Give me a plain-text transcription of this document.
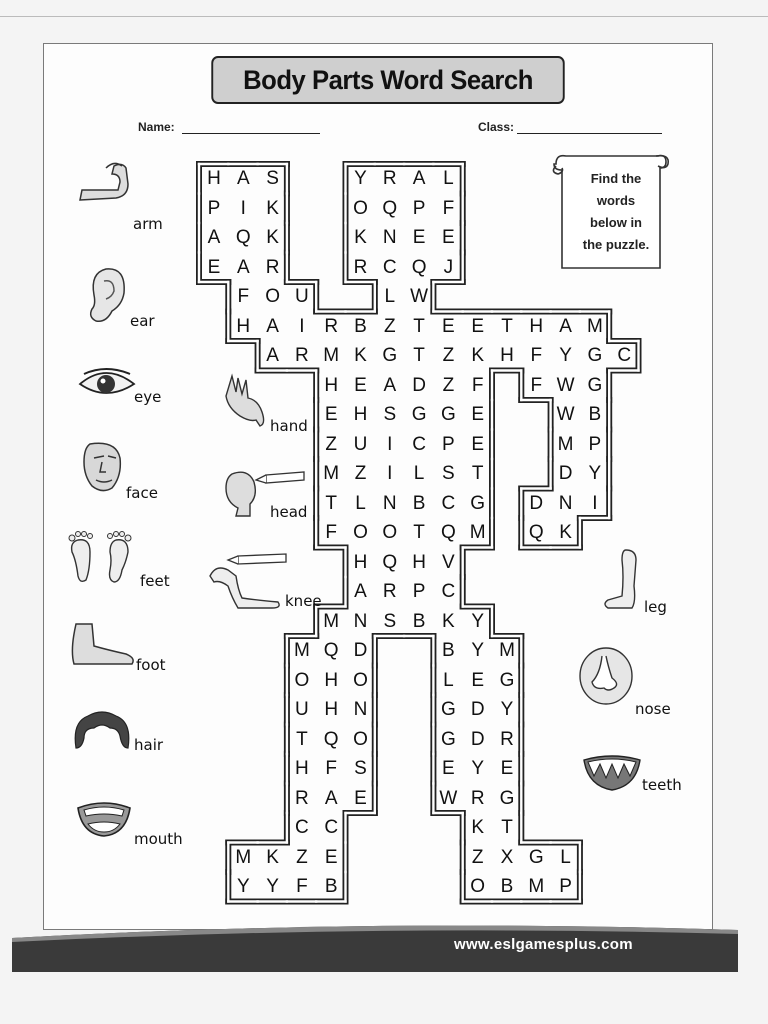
Body Parts Word Search
Name:	Class:
H A S	Y R A L
P	I	K	O Q P F
A Q K	K N E E
E A R	R C Q J
F O U	L W
H A	I	R B Z T E E T H A M
A R M K G T Z K H F Y G C
H E A D Z F	F W G
E H S G G E	W B
Z U	I	C P E	M P
M Z	I	L S T	D Y
T L N B C G	D N	I
F O O T Q M	Q K
H Q H V
A R P C
M N S B K Y
M Q D	B Y M
O H O	L E G
U H N	G D Y
T Q O	G D R
H F S	E Y E
R A E	W R G
C C	K T
M K Z E	Z X G L
Y Y F B	O B M P
Find the
words
below in
the puzzle.
arm
ear
eye
face
feet
foot
hair
mouth
hand
head
knee	leg
nose
teeth
www.eslgamesplus.com
